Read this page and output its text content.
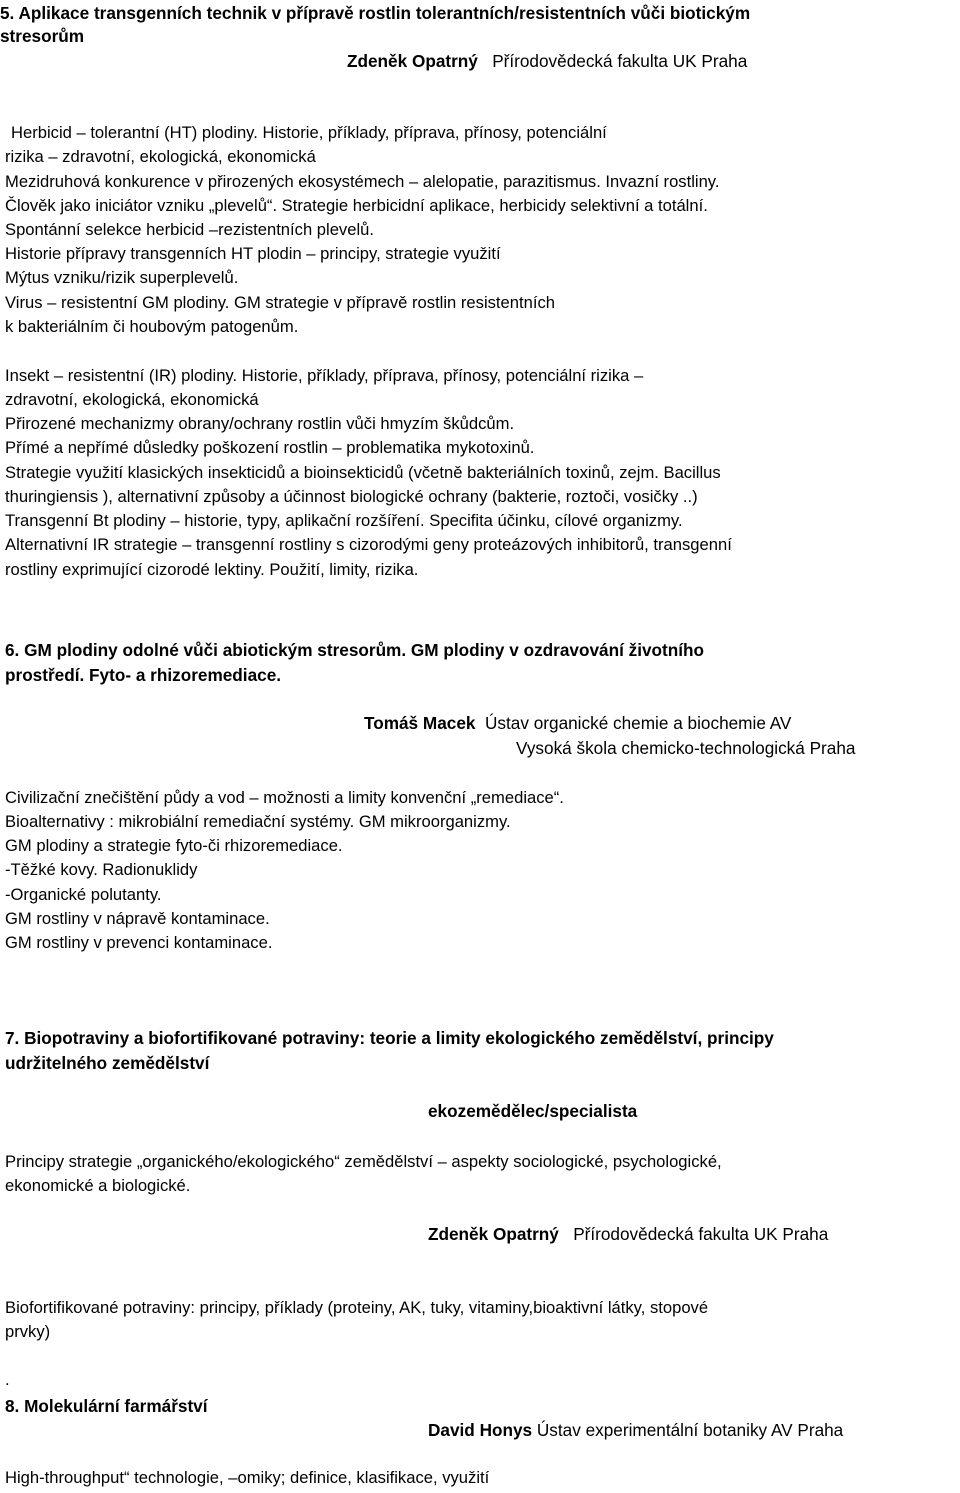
5. Aplikace transgenních technik v přípravě rostlin tolerantních/resistentních vůči biotickým
stresorům
Zdeněk Opatrný Přírodovědecká fakulta UK Praha
Herbicid – tolerantní (HT) plodiny. Historie, příklady, příprava, přínosy, potenciální
rizika – zdravotní, ekologická, ekonomická
Mezidruhová konkurence v přirozených ekosystémech – alelopatie, parazitismus. Invazní rostliny.
Člověk jako iniciátor vzniku „plevelů“. Strategie herbicidní aplikace, herbicidy selektivní a totální.
Spontánní selekce herbicid –rezistentních plevelů.
Historie přípravy transgenních HT plodin – principy, strategie využití
Mýtus vzniku/rizik superplevelů.
Virus – resistentní GM plodiny. GM strategie v přípravě rostlin resistentních
k bakteriálním či houbovým patogenům.
Insekt – resistentní (IR) plodiny. Historie, příklady, příprava, přínosy, potenciální rizika –
zdravotní, ekologická, ekonomická
Přirozené mechanizmy obrany/ochrany rostlin vůči hmyzím škůdcům.
Přímé a nepřímé důsledky poškození rostlin – problematika mykotoxinů.
Strategie využití klasických insekticidů a bioinsekticidů (včetně bakteriálních toxinů, zejm. Bacillus
thuringiensis ), alternativní způsoby a účinnost biologické ochrany (bakterie, roztoči, vosičky ..)
Transgenní Bt plodiny – historie, typy, aplikační rozšíření. Specifita účinku, cílové organizmy.
Alternativní IR strategie – transgenní rostliny s cizorodými geny proteázových inhibitorů, transgenní
rostliny exprimující cizorodé lektiny. Použití, limity, rizika.
6. GM plodiny odolné vůči abiotickým stresorům. GM plodiny v ozdravování životního
prostředí. Fyto- a rhizoremediace.
Tomáš Macek Ústav organické chemie a biochemie AV
Vysoká škola chemicko-technologická Praha
Civilizační znečištění půdy a vod – možnosti a limity konvenční „remediace“.
Bioalternativy : mikrobiální remediační systémy. GM mikroorganizmy.
GM plodiny a strategie fyto-či rhizoremediace.
-Těžké kovy. Radionuklidy
-Organické polutanty.
GM rostliny v nápravě kontaminace.
GM rostliny v prevenci kontaminace.
7. Biopotraviny a biofortifikované potraviny: teorie a limity ekologického zemědělství, principy
udržitelného zemědělství
ekozemědělec/specialista
Principy strategie „organického/ekologického“ zemědělství – aspekty sociologické, psychologické,
ekonomické a biologické.
Zdeněk Opatrný Přírodovědecká fakulta UK Praha
Biofortifikované potraviny: principy, příklady (proteiny, AK, tuky, vitaminy,bioaktivní látky, stopové
prvky)
.
8. Molekulární farmářství
David Honys Ústav experimentální botaniky AV Praha
High-throughput“ technologie, –omiky; definice, klasifikace, využití
